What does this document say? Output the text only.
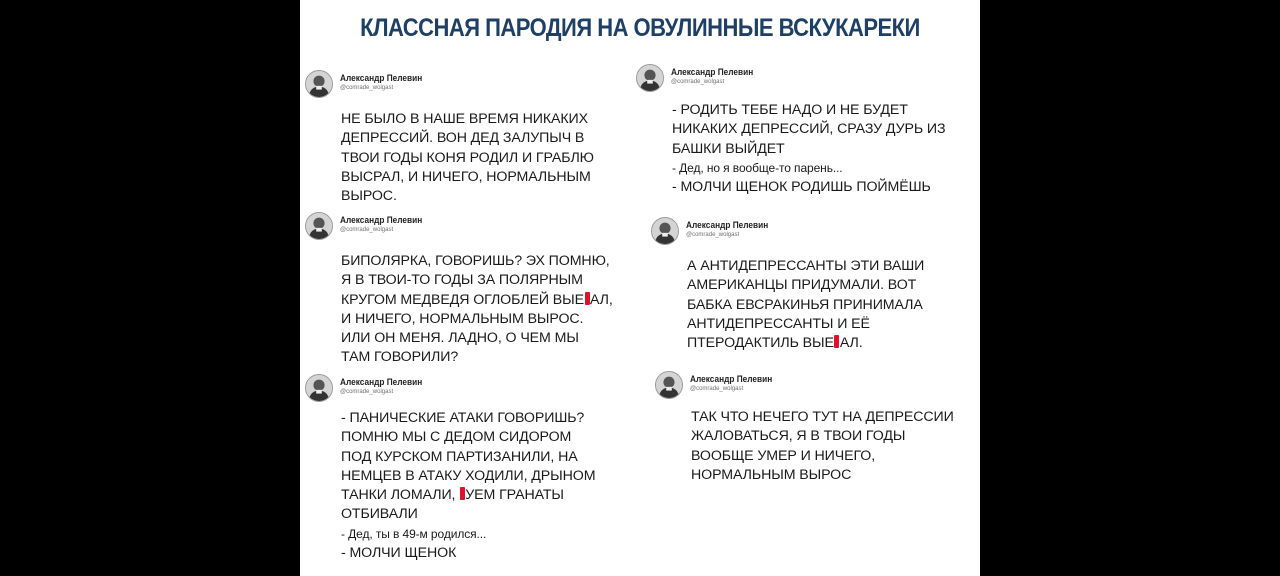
КЛАССНАЯ ПАРОДИЯ НА ОВУЛИННЫЕ ВСКУКАРЕКИ
Александр Пелевин
@comrade_wolgast

НЕ БЫЛО В НАШЕ ВРЕМЯ НИКАКИХ

ДЕПРЕССИЙ. ВОН ДЕД ЗАЛУПЫЧ В

ТВОИ ГОДЫ КОНЯ РОДИЛ И ГРАБЛЮ

ВЫСРАЛ, И НИЧЕГО, НОРМАЛЬНЫМ

ВЫРОС.

Александр Пелевин
@comrade_wolgast

- РОДИТЬ ТЕБЕ НАДО И НЕ БУДЕТ

НИКАКИХ ДЕПРЕССИЙ, СРАЗУ ДУРЬ ИЗ

БАШКИ ВЫЙДЕТ

- Дед, но я вообще-то парень...

- МОЛЧИ ЩЕНОК РОДИШЬ ПОЙМЁШЬ

Александр Пелевин
@comrade_wolgast

БИПОЛЯРКА, ГОВОРИШЬ? ЭХ ПОМНЮ,

Я В ТВОИ-ТО ГОДЫ ЗА ПОЛЯРНЫМ

КРУГОМ МЕДВЕДЯ ОГЛОБЛЕЙ ВЫЕ АЛ,

И НИЧЕГО, НОРМАЛЬНЫМ ВЫРОС.

ИЛИ ОН МЕНЯ. ЛАДНО, О ЧЕМ МЫ

ТАМ ГОВОРИЛИ?

Александр Пелевин
@comrade_wolgast

А АНТИДЕПРЕССАНТЫ ЭТИ ВАШИ

АМЕРИКАНЦЫ ПРИДУМАЛИ. ВОТ

БАБКА ЕВСРАКИНЬЯ ПРИНИМАЛА

АНТИДЕПРЕССАНТЫ И ЕЁ

ПТЕРОДАКТИЛЬ ВЫЕ АЛ.

Александр Пелевин
@comrade_wolgast

- ПАНИЧЕСКИЕ АТАКИ ГОВОРИШЬ?

ПОМНЮ МЫ С ДЕДОМ СИДОРОМ

ПОД КУРСКОМ ПАРТИЗАНИЛИ, НА

НЕМЦЕВ В АТАКУ ХОДИЛИ, ДРЫНОМ

ТАНКИ ЛОМАЛИ, УЕМ ГРАНАТЫ

ОТБИВАЛИ

- Дед, ты в 49-м родился...

- МОЛЧИ ЩЕНОК

Александр Пелевин
@comrade_wolgast

ТАК ЧТО НЕЧЕГО ТУТ НА ДЕПРЕССИИ

ЖАЛОВАТЬСЯ, Я В ТВОИ ГОДЫ

ВООБЩЕ УМЕР И НИЧЕГО,

НОРМАЛЬНЫМ ВЫРОС
